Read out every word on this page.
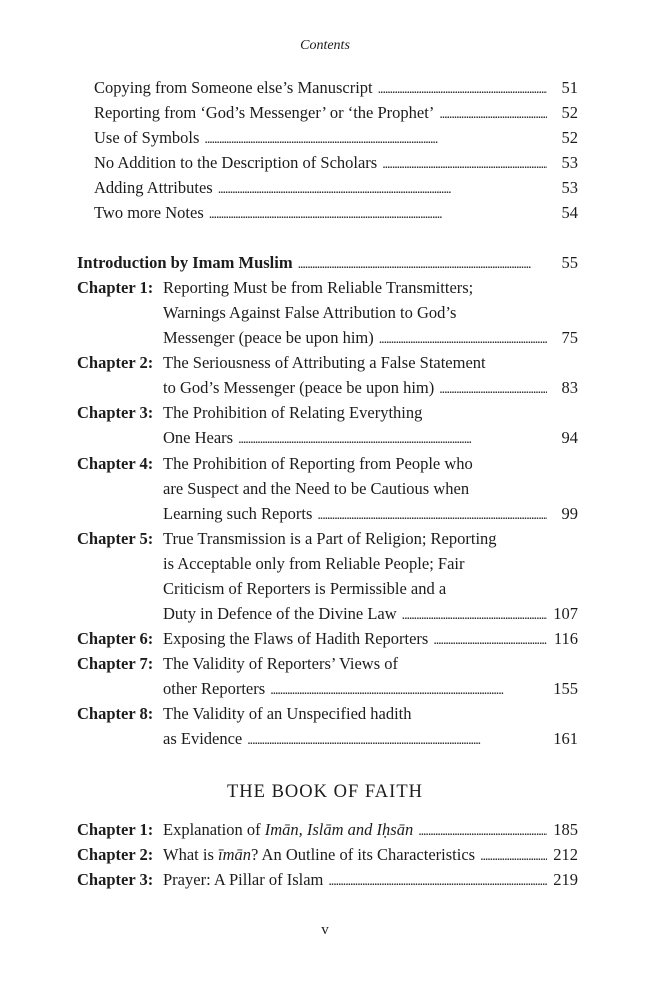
Contents
Copying from Someone else’s Manuscript . . .	51
Reporting from ‘God’s Messenger’ or ‘the Prophet’ . . .	52
Use of Symbols . . .	52
No Addition to the Description of Scholars . . .	53
Adding Attributes . . .	53
Two more Notes . . .	54
Introduction by Imam Muslim . . .	55
Chapter 1: Reporting Must be from Reliable Transmitters;
Warnings Against False Attribution to God’s
Messenger (peace be upon him) . . .	75
Chapter 2: The Seriousness of Attributing a False Statement
to God’s Messenger (peace be upon him) . . .	83
Chapter 3: The Prohibition of Relating Everything
One Hears . . .	94
Chapter 4: The Prohibition of Reporting from People who
are Suspect and the Need to be Cautious when
Learning such Reports . . .	99
Chapter 5: True Transmission is a Part of Religion; Reporting
is Acceptable only from Reliable People; Fair
Criticism of Reporters is Permissible and a
Duty in Defence of the Divine Law . . .	107
Chapter 6: Exposing the Flaws of Hadith Reporters . . .	116
Chapter 7: The Validity of Reporters’ Views of
other Reporters . . .	155
Chapter 8: The Validity of an Unspecified hadith
as Evidence . . .	161
THE BOOK OF FAITH
Chapter 1: Explanation of Imān, Islām and Iḥsān . . .	185
Chapter 2: What is īmān? An Outline of its Characteristics . . .	212
Chapter 3: Prayer: A Pillar of Islam . . .	219
v
